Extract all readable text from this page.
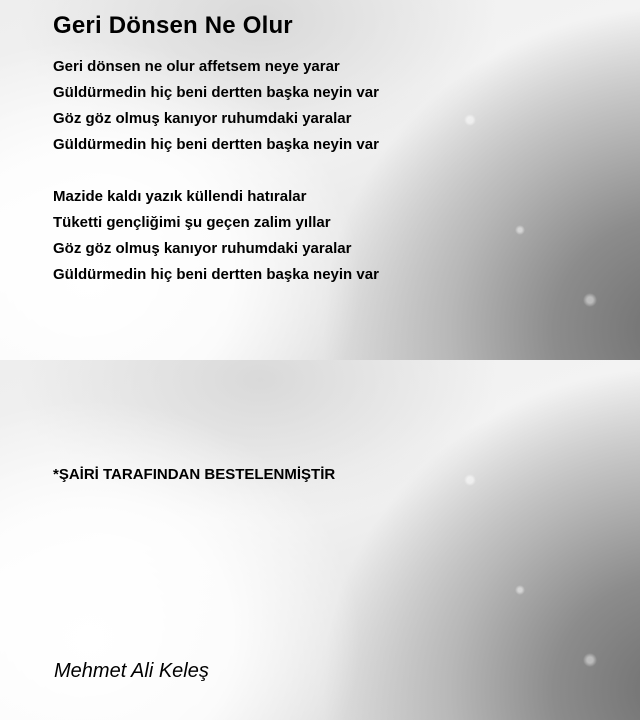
Geri Dönsen Ne Olur
Geri dönsen ne olur affetsem neye yarar
Güldürmedin hiç beni dertten başka neyin var
Göz göz olmuş kanıyor ruhumdaki yaralar
Güldürmedin hiç beni dertten başka neyin var
Mazide kaldı yazık küllendi hatıralar
Tüketti gençliğimi şu geçen zalim yıllar
Göz göz olmuş kanıyor ruhumdaki yaralar
Güldürmedin hiç beni dertten başka neyin var
*ŞAİRİ TARAFINDAN BESTELENMİŞTİR
Mehmet Ali Keleş
